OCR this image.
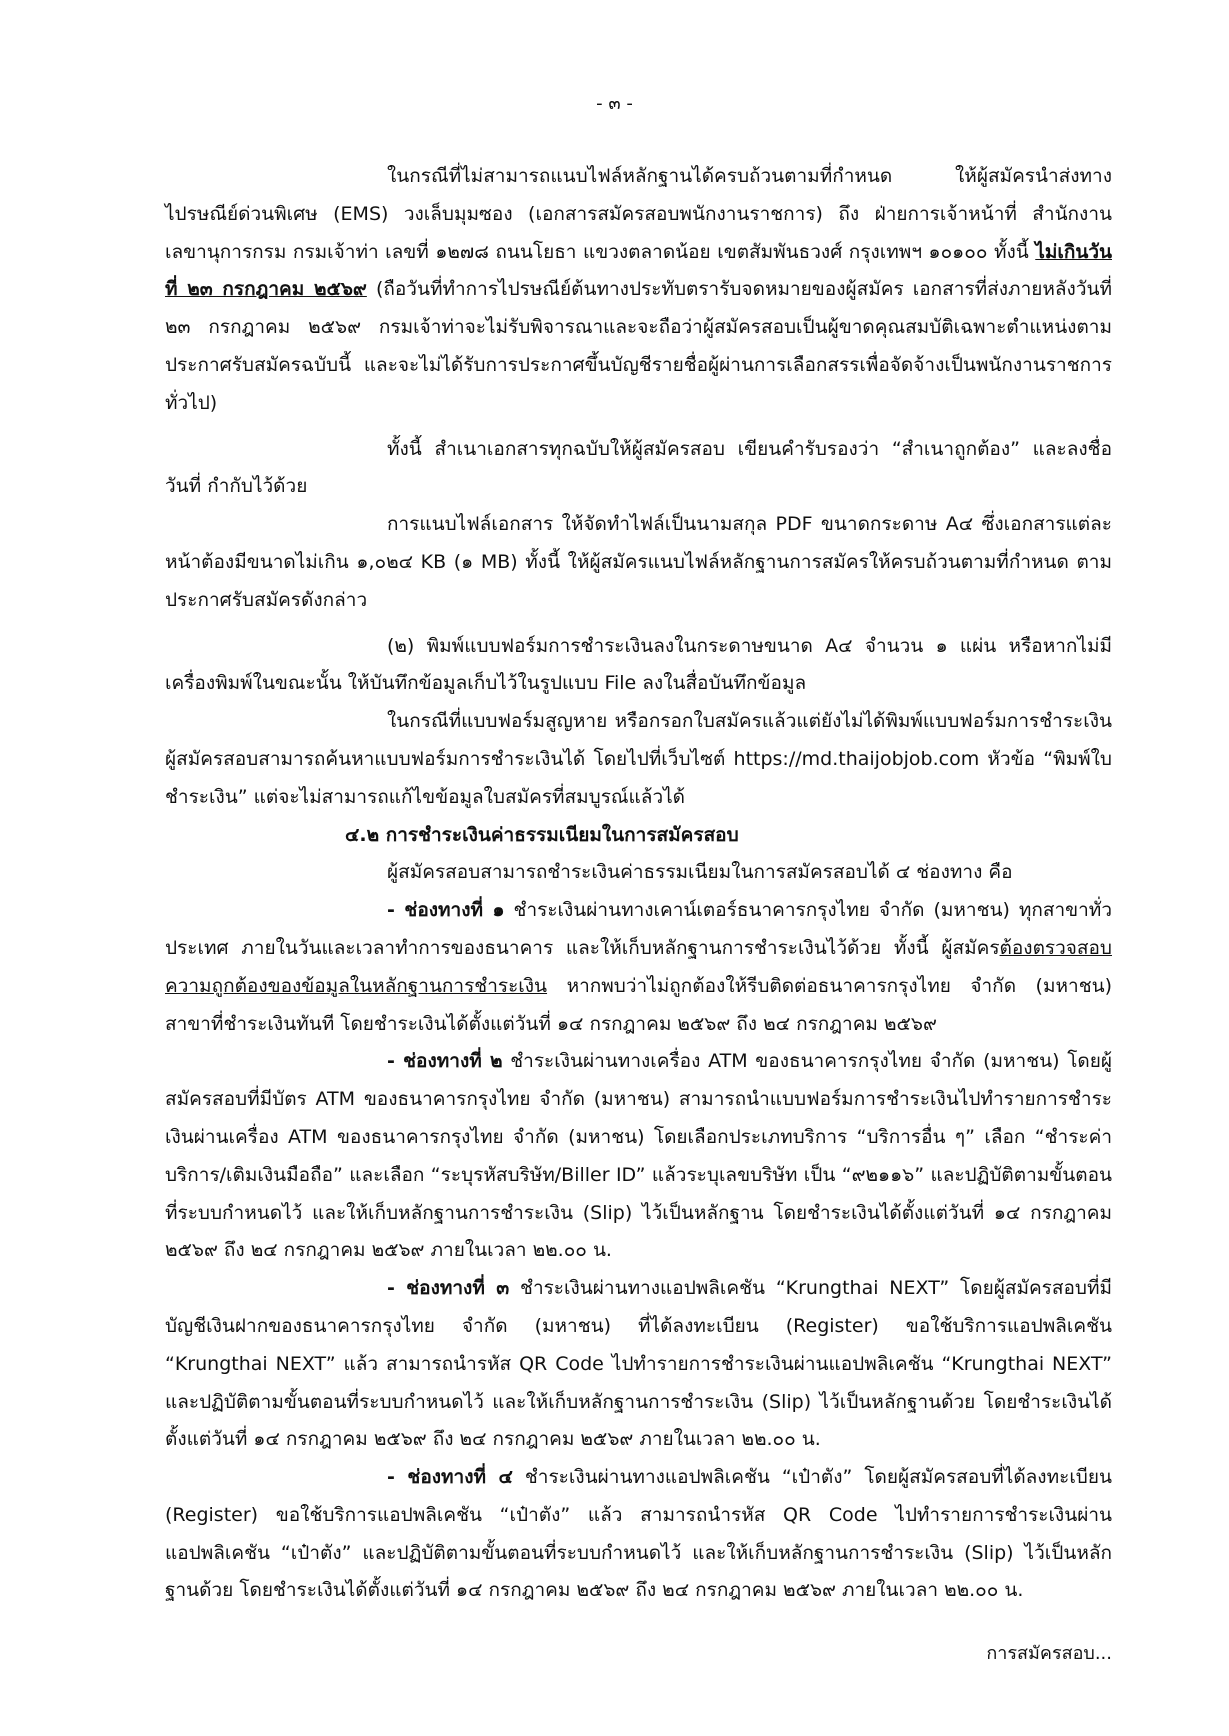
- ๓ -

ในกรณีที่ไม่สามารถแนบไฟล์หลักฐานได้ครบถ้วนตามที่กำหนด ให้ผู้สมัครนำส่งทางไปรษณีย์ด่วนพิเศษ (EMS) วงเล็บมุมซอง (เอกสารสมัครสอบพนักงานราชการ) ถึง ฝ่ายการเจ้าหน้าที่ สำนักงานเลขานุการกรม กรมเจ้าท่า เลขที่ ๑๒๗๘ ถนนโยธา แขวงตลาดน้อย เขตสัมพันธวงศ์ กรุงเทพฯ ๑๐๑๐๐ ทั้งนี้ ไม่เกินวันที่ ๒๓ กรกฎาคม ๒๕๖๙ (ถือวันที่ทำการไปรษณีย์ต้นทางประทับตรารับจดหมายของผู้สมัคร เอกสารที่ส่งภายหลังวันที่ ๒๓ กรกฎาคม ๒๕๖๙ กรมเจ้าท่าจะไม่รับพิจารณาและจะถือว่าผู้สมัครสอบเป็นผู้ขาดคุณสมบัติเฉพาะตำแหน่งตามประกาศรับสมัครฉบับนี้ และจะไม่ได้รับการประกาศขึ้นบัญชีรายชื่อผู้ผ่านการเลือกสรรเพื่อจัดจ้างเป็นพนักงานราชการทั่วไป)

ทั้งนี้ สำเนาเอกสารทุกฉบับให้ผู้สมัครสอบ เขียนคำรับรองว่า “สำเนาถูกต้อง” และลงชื่อ วันที่ กำกับไว้ด้วย

การแนบไฟล์เอกสาร ให้จัดทำไฟล์เป็นนามสกุล PDF ขนาดกระดาษ A๔ ซึ่งเอกสารแต่ละหน้าต้องมีขนาดไม่เกิน ๑,๐๒๔ KB (๑ MB) ทั้งนี้ ให้ผู้สมัครแนบไฟล์หลักฐานการสมัครให้ครบถ้วนตามที่กำหนด ตามประกาศรับสมัครดังกล่าว

(๒) พิมพ์แบบฟอร์มการชำระเงินลงในกระดาษขนาด A๔ จำนวน ๑ แผ่น หรือหากไม่มีเครื่องพิมพ์ในขณะนั้น ให้บันทึกข้อมูลเก็บไว้ในรูปแบบ File ลงในสื่อบันทึกข้อมูล

ในกรณีที่แบบฟอร์มสูญหาย หรือกรอกใบสมัครแล้วแต่ยังไม่ได้พิมพ์แบบฟอร์มการชำระเงิน ผู้สมัครสอบสามารถค้นหาแบบฟอร์มการชำระเงินได้ โดยไปที่เว็บไซต์ https://md.thaijobjob.com หัวข้อ “พิมพ์ใบชำระเงิน” แต่จะไม่สามารถแก้ไขข้อมูลใบสมัครที่สมบูรณ์แล้วได้

๔.๒ การชำระเงินค่าธรรมเนียมในการสมัครสอบ

ผู้สมัครสอบสามารถชำระเงินค่าธรรมเนียมในการสมัครสอบได้ ๔ ช่องทาง คือ

- ช่องทางที่ ๑ ชำระเงินผ่านทางเคาน์เตอร์ธนาคารกรุงไทย จำกัด (มหาชน) ทุกสาขาทั่วประเทศ ภายในวันและเวลาทำการของธนาคาร และให้เก็บหลักฐานการชำระเงินไว้ด้วย ทั้งนี้ ผู้สมัครต้องตรวจสอบความถูกต้องของข้อมูลในหลักฐานการชำระเงิน หากพบว่าไม่ถูกต้องให้รีบติดต่อธนาคารกรุงไทย จำกัด (มหาชน) สาขาที่ชำระเงินทันที โดยชำระเงินได้ตั้งแต่วันที่ ๑๔ กรกฎาคม ๒๕๖๙ ถึง ๒๔ กรกฎาคม ๒๕๖๙

- ช่องทางที่ ๒ ชำระเงินผ่านทางเครื่อง ATM ของธนาคารกรุงไทย จำกัด (มหาชน) โดยผู้สมัครสอบที่มีบัตร ATM ของธนาคารกรุงไทย จำกัด (มหาชน) สามารถนำแบบฟอร์มการชำระเงินไปทำรายการชำระเงินผ่านเครื่อง ATM ของธนาคารกรุงไทย จำกัด (มหาชน) โดยเลือกประเภทบริการ “บริการอื่น ๆ” เลือก “ชำระค่าบริการ/เติมเงินมือถือ” และเลือก “ระบุรหัสบริษัท/Biller ID” แล้วระบุเลขบริษัท เป็น “๙๒๑๑๖” และปฏิบัติตามขั้นตอนที่ระบบกำหนดไว้ และให้เก็บหลักฐานการชำระเงิน (Slip) ไว้เป็นหลักฐาน โดยชำระเงินได้ตั้งแต่วันที่ ๑๔ กรกฎาคม ๒๕๖๙ ถึง ๒๔ กรกฎาคม ๒๕๖๙ ภายในเวลา ๒๒.๐๐ น.

- ช่องทางที่ ๓ ชำระเงินผ่านทางแอปพลิเคชัน “Krungthai NEXT” โดยผู้สมัครสอบที่มีบัญชีเงินฝากของธนาคารกรุงไทย จำกัด (มหาชน) ที่ได้ลงทะเบียน (Register) ขอใช้บริการแอปพลิเคชัน “Krungthai NEXT” แล้ว สามารถนำรหัส QR Code ไปทำรายการชำระเงินผ่านแอปพลิเคชัน “Krungthai NEXT” และปฏิบัติตามขั้นตอนที่ระบบกำหนดไว้ และให้เก็บหลักฐานการชำระเงิน (Slip) ไว้เป็นหลักฐานด้วย โดยชำระเงินได้ตั้งแต่วันที่ ๑๔ กรกฎาคม ๒๕๖๙ ถึง ๒๔ กรกฎาคม ๒๕๖๙ ภายในเวลา ๒๒.๐๐ น.

- ช่องทางที่ ๔ ชำระเงินผ่านทางแอปพลิเคชัน “เป๋าตัง” โดยผู้สมัครสอบที่ได้ลงทะเบียน (Register) ขอใช้บริการแอปพลิเคชัน “เป๋าตัง” แล้ว สามารถนำรหัส QR Code ไปทำรายการชำระเงินผ่านแอปพลิเคชัน “เป๋าตัง” และปฏิบัติตามขั้นตอนที่ระบบกำหนดไว้ และให้เก็บหลักฐานการชำระเงิน (Slip) ไว้เป็นหลักฐานด้วย โดยชำระเงินได้ตั้งแต่วันที่ ๑๔ กรกฎาคม ๒๕๖๙ ถึง ๒๔ กรกฎาคม ๒๕๖๙ ภายในเวลา ๒๒.๐๐ น.

การสมัครสอบ...
